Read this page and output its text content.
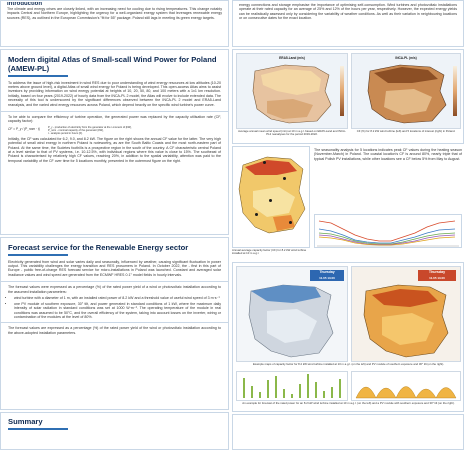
Introduction

The climate and energy crises are closely linked, with an increasing need for cooling due to rising temperatures. This change notably impacts Central and Northern Europe, highlighting the urgency for a well-organized energy system that leverages renewable energy sources (RES), as outlined in the European Commission's "fit for 55" package. Poland still lags in meeting its green energy targets.

energy connections and storage emphasise the importance of optimising self-consumption. Wind turbines and photovoltaic installations operate at their rated capacity for an average of 25% and 12% of the hours per year, respectively. However, the expected energy yields can be realistically assessed only by considering the variability of weather conditions. As well as their variation in neighbouring locations or on consecutive dates for the exact location.

Modern digital Atlas of Small-scall Wind Power for Poland (AMEW-PL)

To address the issue of high-risk investment in wind RES due to poor understanding of wind energy resources at low altitudes (10-20 meters above ground level), a digital Atlas of small wind energy for Poland is being developed. This open-access Atlas aims to assist investors by providing information on wind energy potential at heights of 10, 20, 50, 80, and 100 meters with a 1x1 km resolution. Initially, based on four years (2019-2022) of hourly data from the INCA-PL 2 model, the Atlas will evolve to include extended data. The necessity of this tool is underscored by the significant differences observed between the INCA-PL 2 model and ERA5-Land reanalysis, and the varied wind energy resources across Poland, which depend heavily on the specific wind turbine's power curve.

To be able to compare the efficiency of turbine operation, the generated power was replaced by the capacity utilisation rate (CF, capacity factor):

CF = P_y / (P_nom · t)
P_y - production of electricity from the generator at the i-moment of [kW],
P_nom - nominal capacity of the generator [kW],
t - analysis period in hours [h].

Initially, the CF was calculated for 6.2, 9.0, and 8.2 kW. The figure on the right shows the annual CF value for the latter. The very high potential of small wind energy in northern Poland is noteworthy, as are the South Baltic Coasts and the most north-eastern part of Poland. At the same time, the Sudetes foothills is a prospective region in the south of the country. A CF characteristic central Poland at a level similar to that of PV systems, i.e. 10-12.5%, with individual regions where this value is close to 15%. The southeast of Poland is characterised by relatively high CF values, reaching 20%, in addition to the spatial variability, attention was paid to the temporal variability of the CF over time for 5 locations monthly, presented in the outermost figure on the right.

ERA5-Land (m/s)	INCA-PL (m/s)
Average annual mean wind speed (m/s) at 10 m a.g.l. based on ERA5-Land and INCA-PL2 reanalyses for the period 2019-2022.
CF (%) for 8.2 kW wind turbine (left) and 5 locations of interest (right) in Poland.

The seasonality analysis for 5 locations indicates peak CF values during the heating season (November-March) in Poland. The coastal location's CF is around 80%, nearly triple that of typical Polish PV installations, while other locations see a CF below 5% from May to August.

Annual average capacity factor (CF) for 8.2 kW wind turbine installed at 10 m a.g.l.
Forecast service for the Renewable Energy sector

Electricity generated from wind and solar varies daily and seasonally, influenced by weather, causing significant fluctuation in power output. This variability challenges the energy transition and RES prosumers in Poland. In October 2022, the - first in this part of Europe - public free-of-charge RES forecast service for micro-installations in Poland was launched. Constant and averaged solar irradiance values and wind speed are generated from the ECMWF HRES 0.1° model fields in hourly intervals.

The forecast values were expressed as a percentage (%) of the rated power yield of a wind or photovoltaic installation according to the assumed installation parameters:

• wind turbine with a diameter of 1 m, with an installed rated power of 8.2 kW and a threshold value of useful wind speed of 3 m·s⁻¹
• one PV module of southern exposure, 30° tilt, and power generated in standard conditions of 1 kW, where the maximum daily intensity of solar radiation in standard conditions was set at 1000 W·m⁻². The operating temperature of the module in real conditions was assumed to be 50°C, and the overall efficiency of the system, taking into account losses on the inverter, wiring or contamination of the modules at the level of 80%.

The forecast values are expressed as a percentage (%) of the rated power yield of the wind or photovoltaic installation according to the above-adopted installation parameters.

Thursday
11.05 13.00
Thursday
11.05 13.00
Example maps of capacity factor for 8.2 kW wind turbine installed at 10 m a.g.l. (on the left) and PV module of southern exposure and 30° tilt (on the right).
An example for forecast of the rated power for an 8.2 kW wind turbine installed at 10 m a.g.l. (on the left) and a PV module with southern exposure and 30° tilt (on the right).
Summary
